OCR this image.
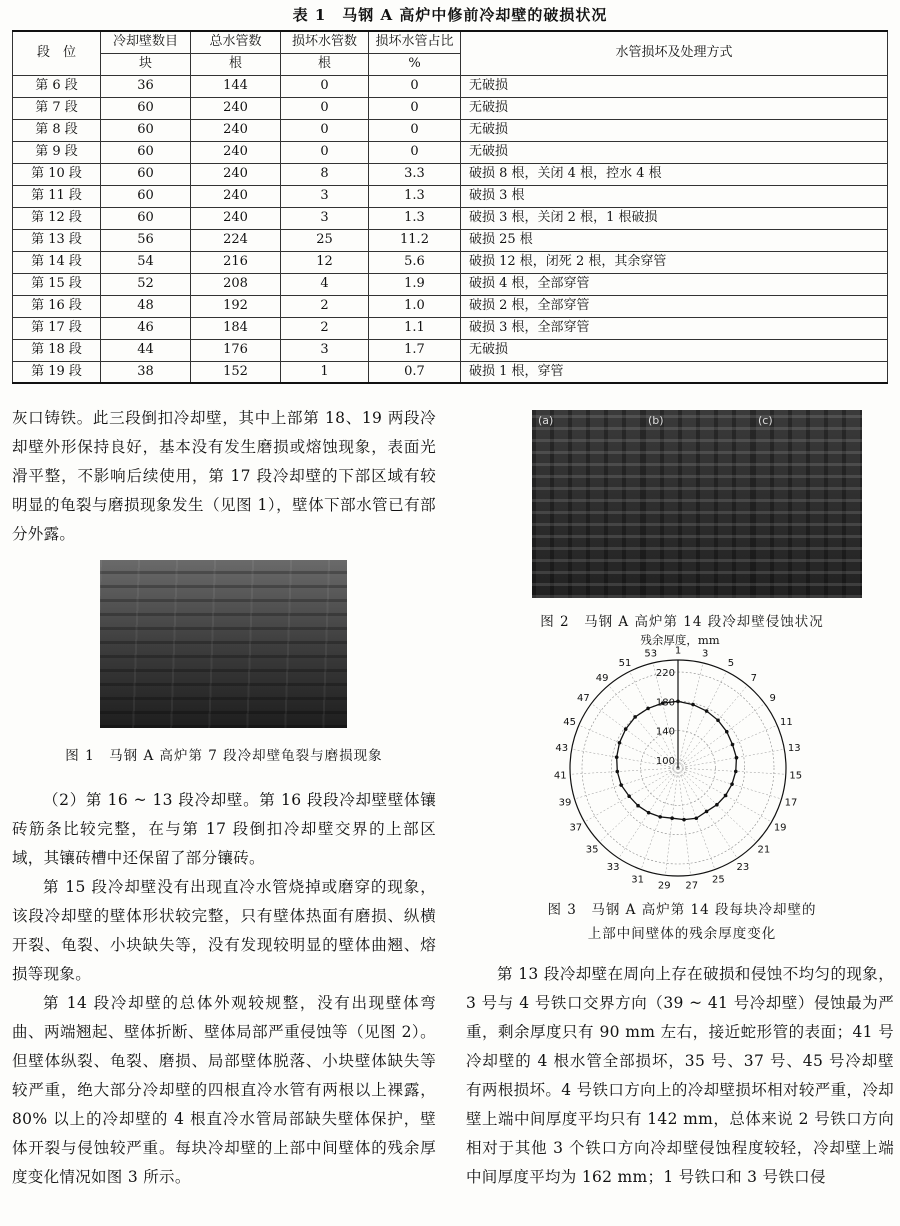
表 1　马钢 A 高炉中修前冷却壁的破损状况
段　位	冷却壁数目	总水管数	损坏水管数	损坏水管占比	水管损坏及处理方式
	块	根	根	%	
第 6 段	36	144	0	0	无破损
第 7 段	60	240	0	0	无破损
第 8 段	60	240	0	0	无破损
第 9 段	60	240	0	0	无破损
第 10 段	60	240	8	3.3	破损 8 根，关闭 4 根，控水 4 根
第 11 段	60	240	3	1.3	破损 3 根
第 12 段	60	240	3	1.3	破损 3 根，关闭 2 根，1 根破损
第 13 段	56	224	25	11.2	破损 25 根
第 14 段	54	216	12	5.6	破损 12 根，闭死 2 根，其余穿管
第 15 段	52	208	4	1.9	破损 4 根，全部穿管
第 16 段	48	192	2	1.0	破损 2 根，全部穿管
第 17 段	46	184	2	1.1	破损 3 根，全部穿管
第 18 段	44	176	3	1.7	无破损
第 19 段	38	152	1	0.7	破损 1 根，穿管

灰口铸铁。此三段倒扣冷却壁，其中上部第 18、19 两段冷却壁外形保持良好，基本没有发生磨损或熔蚀现象，表面光滑平整，不影响后续使用，第 17 段冷却壁的下部区域有较明显的龟裂与磨损现象发生（见图 1），壁体下部水管已有部分外露。

图 1　马钢 A 高炉第 7 段冷却壁龟裂与磨损现象

（2）第 16 ~ 13 段冷却壁。第 16 段段冷却壁壁体镶砖筋条比较完整，在与第 17 段倒扣冷却壁交界的上部区域，其镶砖槽中还保留了部分镶砖。

第 15 段冷却壁没有出现直冷水管烧掉或磨穿的现象，该段冷却壁的壁体形状较完整，只有壁体热面有磨损、纵横开裂、龟裂、小块缺失等，没有发现较明显的壁体曲翘、熔损等现象。

第 14 段冷却壁的总体外观较规整，没有出现壁体弯曲、两端翘起、壁体折断、壁体局部严重侵蚀等（见图 2）。但壁体纵裂、龟裂、磨损、局部壁体脱落、小块壁体缺失等较严重，绝大部分冷却壁的四根直冷水管有两根以上裸露，80% 以上的冷却壁的 4 根直冷水管局部缺失壁体保护，壁体开裂与侵蚀较严重。每块冷却壁的上部中间壁体的残余厚度变化情况如图 3 所示。

(a)	(b)	(c)
图 2　马钢 A 高炉第 14 段冷却壁侵蚀状况
残余厚度，mm
100
140
180
220
1 3
5
7
9
11
13
15
17
19
21
23
25
27
29
31
33
35
37
39
41
43
45
47
49
51
53
图 3　马钢 A 高炉第 14 段每块冷却壁的
上部中间壁体的残余厚度变化

第 13 段冷却壁在周向上存在破损和侵蚀不均匀的现象，3 号与 4 号铁口交界方向（39 ~ 41 号冷却壁）侵蚀最为严重，剩余厚度只有 90 mm 左右，接近蛇形管的表面；41 号冷却壁的 4 根水管全部损坏，35 号、37 号、45 号冷却壁有两根损坏。4 号铁口方向上的冷却壁损坏相对较严重，冷却壁上端中间厚度平均只有 142 mm，总体来说 2 号铁口方向相对于其他 3 个铁口方向冷却壁侵蚀程度较轻，冷却壁上端中间厚度平均为 162 mm；1 号铁口和 3 号铁口侵
